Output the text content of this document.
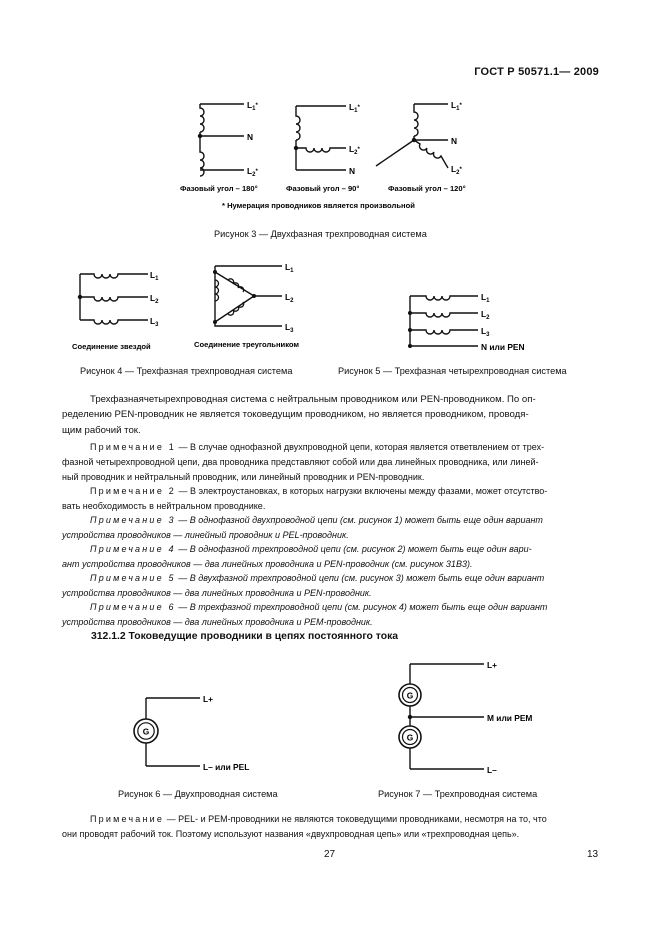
ГОСТ Р 50571.1— 2009
$L_1^*$
N
$L_2^*$
$L_1^*$
$L_2^*$
N
$L_1^*$
N
$L_2^*$
Фазовый угол – 180°	Фазовый угол – 90°	Фазовый угол – 120°
* Нумерация проводников является произвольной
Рисунок 3 — Двухфазная трехпроводная система
$L_1$
$L_2$
$L_3$
$L_1$
$L_2$
$L_3$
Соединение звездой	Соединение треугольником
$L_1$
$L_2$
$L_3$
N или PEN
Рисунок 4 — Трехфазная трехпроводная система	Рисунок 5 — Трехфазная четырехпроводная система
Трехфазнаячетырехпроводная система с нейтральным проводником или PEN-проводником. По оп-
ределению PEN-проводник не является токоведущим проводником, но является проводником, проводя-
щим рабочий ток.
Примечание 1 — В случае однофазной двухпроводной цепи, которая является ответвлением от трех-
фазной четырехпроводной цепи, два проводника представляют собой или два линейных проводника, или линей-
ный проводник и нейтральный проводник, или линейный проводник и PEN-проводник.
Примечание 2 — В электроустановках, в которых нагрузки включены между фазами, может отсутство-
вать необходимость в нейтральном проводнике.
Примечание 3 — В однофазной двухпроводной цепи (см. рисунок 1) может быть еще один вариант
устройства проводников — линейный проводник и PEL-проводник.
Примечание 4 — В однофазной трехпроводной цепи (см. рисунок 2) может быть еще один вари-
ант устройства проводников — два линейных проводника и PEN-проводник (см. рисунок 31В3).
Примечание 5 — В двухфазной трехпроводной цепи (см. рисунок 3) может быть еще один вариант
устройства проводников — два линейных проводника и PEN-проводник.
Примечание 6 — В трехфазной трехпроводной цепи (см. рисунок 4) может быть еще один вариант
устройства проводников — два линейных проводника и PEM-проводник.
312.1.2 Токоведущие проводники в цепях постоянного тока
G
L+
L– или PEL
G
G
L+
M или PEM
L–
Рисунок 6 — Двухпроводная система	Рисунок 7 — Трехпроводная система
Примечание — PEL- и PEM-проводники не являются токоведущими проводниками, несмотря на то, что
они проводят рабочий ток. Поэтому используют названия «двухпроводная цепь» или «трехпроводная цепь».
27	13
